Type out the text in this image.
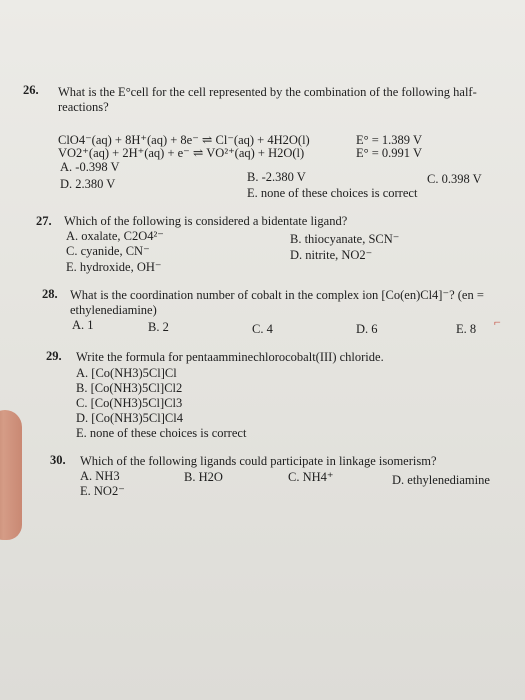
26. What is the E°cell for the cell represented by the combination of the following half-
reactions?
ClO4⁻(aq) + 8H⁺(aq) + 8e⁻ ⇌ Cl⁻(aq) + 4H2O(l)	E° = 1.389 V
VO2⁺(aq) + 2H⁺(aq) + e⁻ ⇌ VO²⁺(aq) + H2O(l)	E° = 0.991 V
A. -0.398 V
B. -2.380 V	C. 0.398 V
D. 2.380 V
E. none of these choices is correct
27. Which of the following is considered a bidentate ligand?
A. oxalate, C2O4²⁻	B. thiocyanate, SCN⁻
C. cyanide, CN⁻	D. nitrite, NO2⁻
E. hydroxide, OH⁻
28. What is the coordination number of cobalt in the complex ion [Co(en)Cl4]⁻? (en =
ethylenediamine)
A. 1	B. 2	C. 4	D. 6	E. 8 ⌐
29. Write the formula for pentaamminechlorocobalt(III) chloride.
A. [Co(NH3)5Cl]Cl
B. [Co(NH3)5Cl]Cl2
C. [Co(NH3)5Cl]Cl3
D. [Co(NH3)5Cl]Cl4
E. none of these choices is correct
30. Which of the following ligands could participate in linkage isomerism?
A. NH3	B. H2O	C. NH4⁺	D. ethylenediamine
E. NO2⁻
